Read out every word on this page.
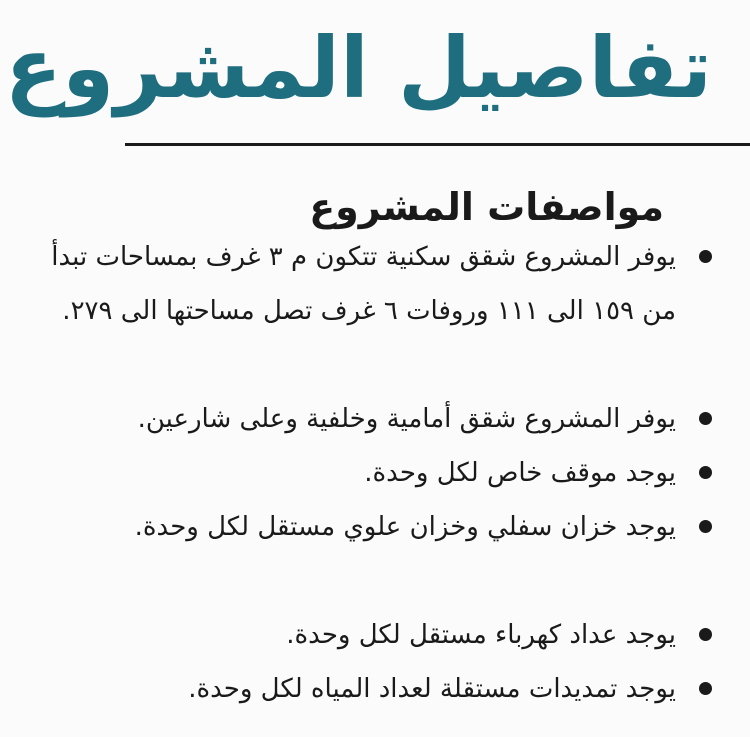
تفاصيل المشروع
مواصفات المشروع
يوفر المشروع شقق سكنية تتكون م ٣ غرف بمساحات تبدأ من ١٥٩ الى ١١١ وروفات ٦ غرف تصل مساحتها الى ٢٧٩.
يوفر المشروع شقق أمامية وخلفية وعلى شارعين.
يوجد موقف خاص لكل وحدة.
يوجد خزان سفلي وخزان علوي مستقل لكل وحدة.
يوجد عداد كهرباء مستقل لكل وحدة.
يوجد تمديدات مستقلة لعداد المياه لكل وحدة.
